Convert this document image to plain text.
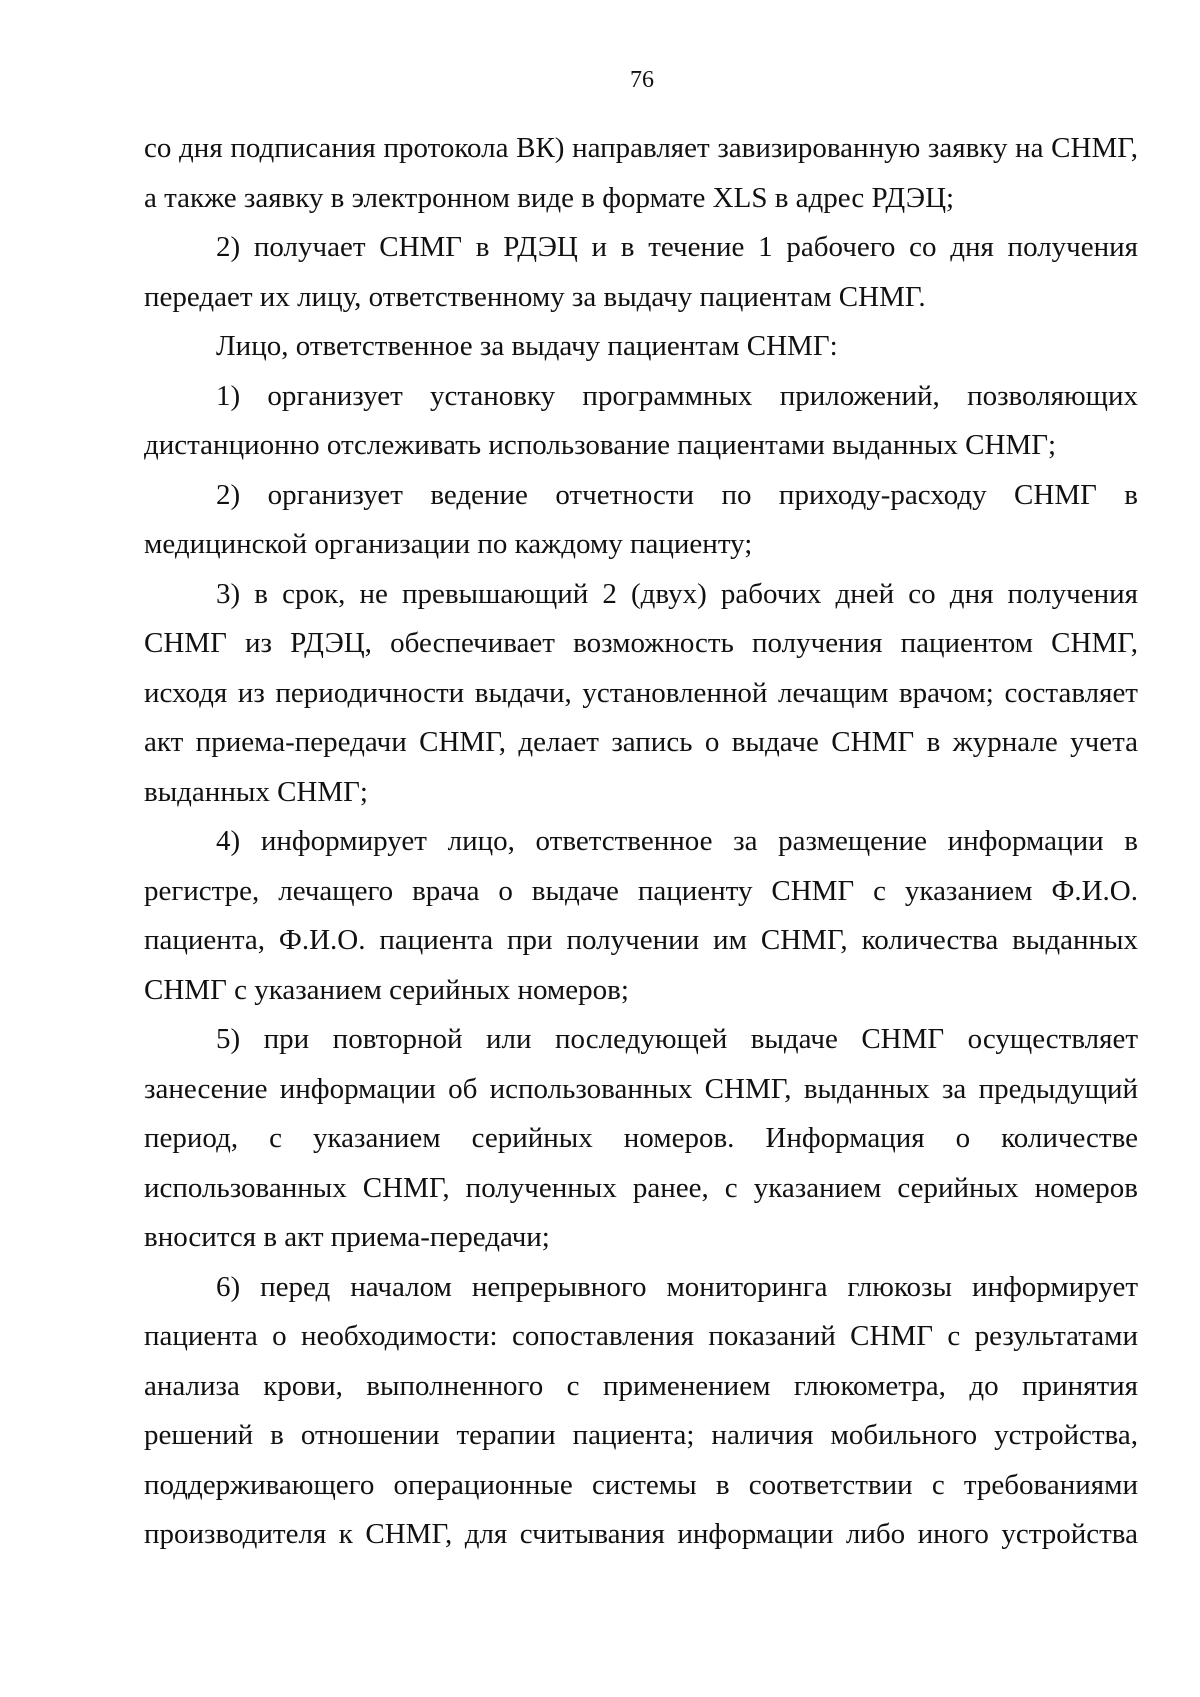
76

со дня подписания протокола ВК) направляет завизированную заявку на СНМГ, а также заявку в электронном виде в формате XLS в адрес РДЭЦ;

2) получает СНМГ в РДЭЦ и в течение 1 рабочего со дня получения передает их лицу, ответственному за выдачу пациентам СНМГ.

Лицо, ответственное за выдачу пациентам СНМГ:

1) организует установку программных приложений, позволяющих дистанционно отслеживать использование пациентами выданных СНМГ;

2) организует ведение отчетности по приходу-расходу СНМГ в медицинской организации по каждому пациенту;

3) в срок, не превышающий 2 (двух) рабочих дней со дня получения СНМГ из РДЭЦ, обеспечивает возможность получения пациентом СНМГ, исходя из периодичности выдачи, установленной лечащим врачом; составляет акт приема-передачи СНМГ, делает запись о выдаче СНМГ в журнале учета выданных СНМГ;

4) информирует лицо, ответственное за размещение информации в регистре, лечащего врача о выдаче пациенту СНМГ с указанием Ф.И.О. пациента, Ф.И.О. пациента при получении им СНМГ, количества выданных СНМГ с указанием серийных номеров;

5) при повторной или последующей выдаче СНМГ осуществляет занесение информации об использованных СНМГ, выданных за предыдущий период, с указанием серийных номеров. Информация о количестве использованных СНМГ, полученных ранее, с указанием серийных номеров вносится в акт приема-передачи;

6) перед началом непрерывного мониторинга глюкозы информирует пациента о необходимости: сопоставления показаний СНМГ с результатами анализа крови, выполненного с применением глюкометра, до принятия решений в отношении терапии пациента; наличия мобильного устройства, поддерживающего операционные системы в соответствии с требованиями производителя к СНМГ, для считывания информации либо иного устройства
